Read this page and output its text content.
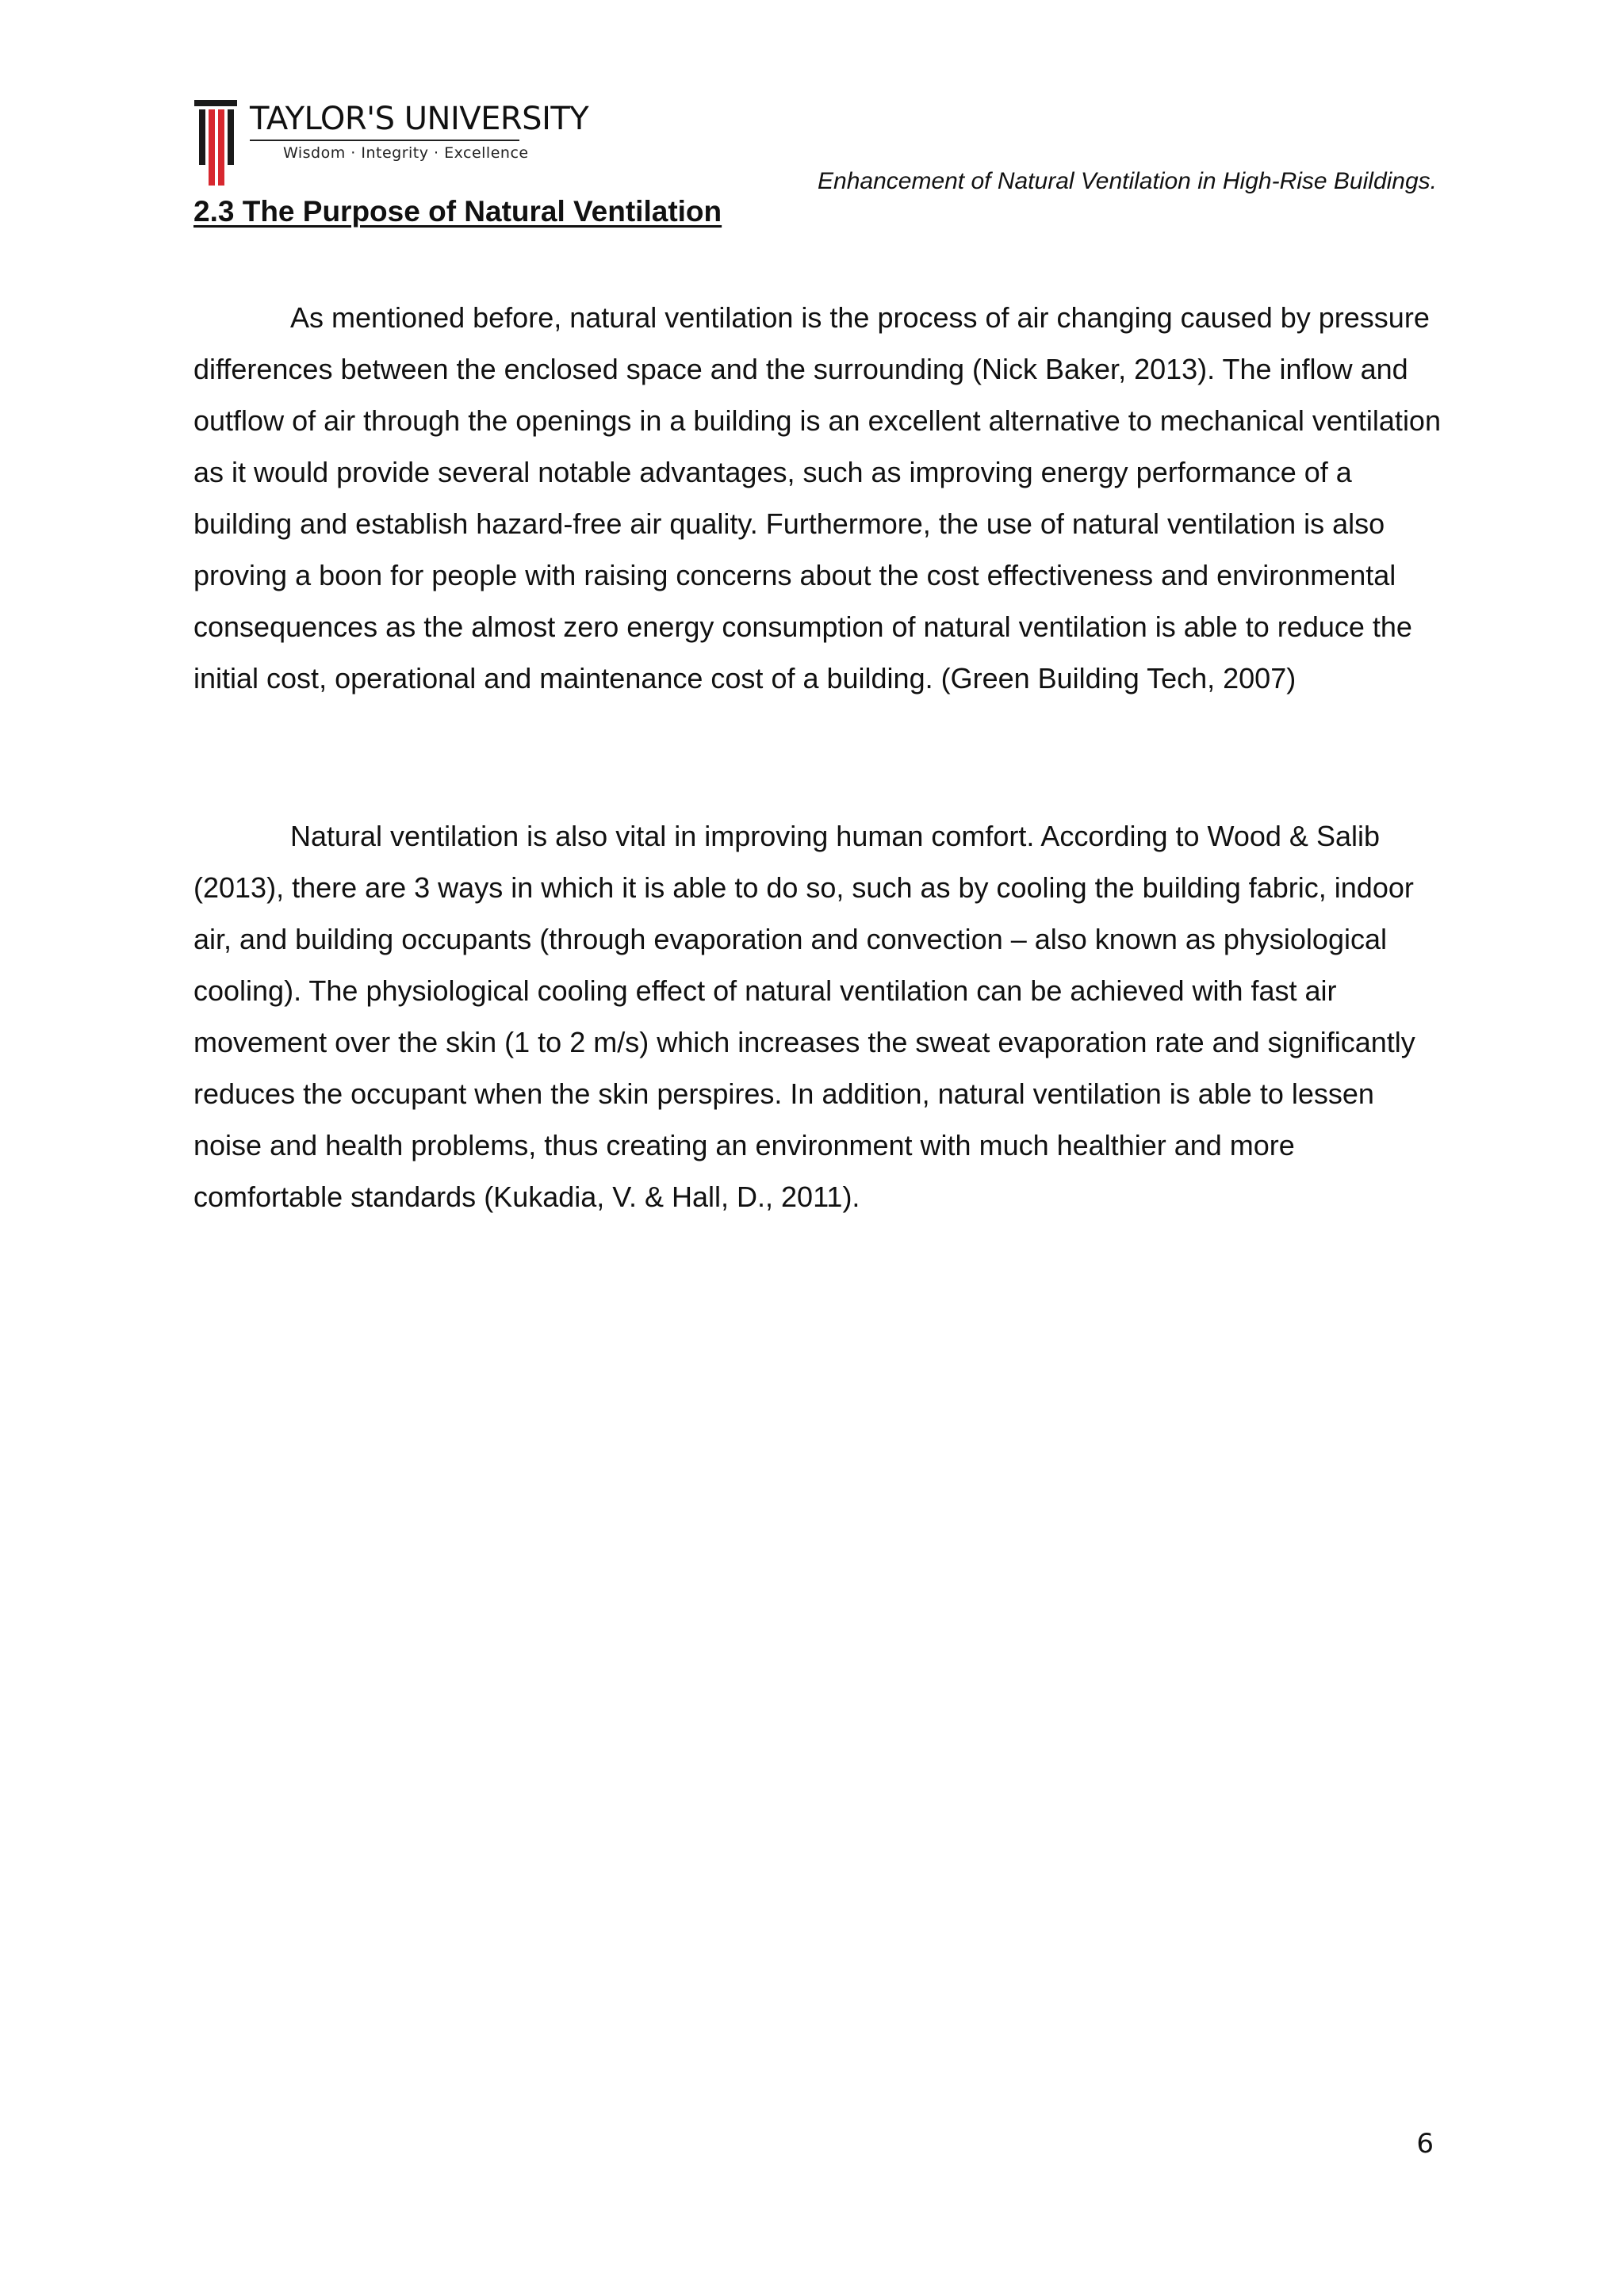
TAYLOR'S UNIVERSITY
Wisdom · Integrity · Excellence
Enhancement of Natural Ventilation in High-Rise Buildings.
2.3 The Purpose of Natural Ventilation

As mentioned before, natural ventilation is the process of air changing caused by pressure differences between the enclosed space and the surrounding (Nick Baker, 2013). The inflow and outflow of air through the openings in a building is an excellent alternative to mechanical ventilation as it would provide several notable advantages, such as improving energy performance of a building and establish hazard-free air quality. Furthermore, the use of natural ventilation is also proving a boon for people with raising concerns about the cost effectiveness and environmental consequences as the almost zero energy consumption of natural ventilation is able to reduce the initial cost, operational and maintenance cost of a building. (Green Building Tech, 2007)

Natural ventilation is also vital in improving human comfort. According to Wood & Salib (2013), there are 3 ways in which it is able to do so, such as by cooling the building fabric, indoor air, and building occupants (through evaporation and convection – also known as physiological cooling). The physiological cooling effect of natural ventilation can be achieved with fast air movement over the skin (1 to 2 m/s) which increases the sweat evaporation rate and significantly reduces the occupant when the skin perspires. In addition, natural ventilation is able to lessen noise and health problems, thus creating an environment with much healthier and more comfortable standards (Kukadia, V. & Hall, D., 2011).

6
